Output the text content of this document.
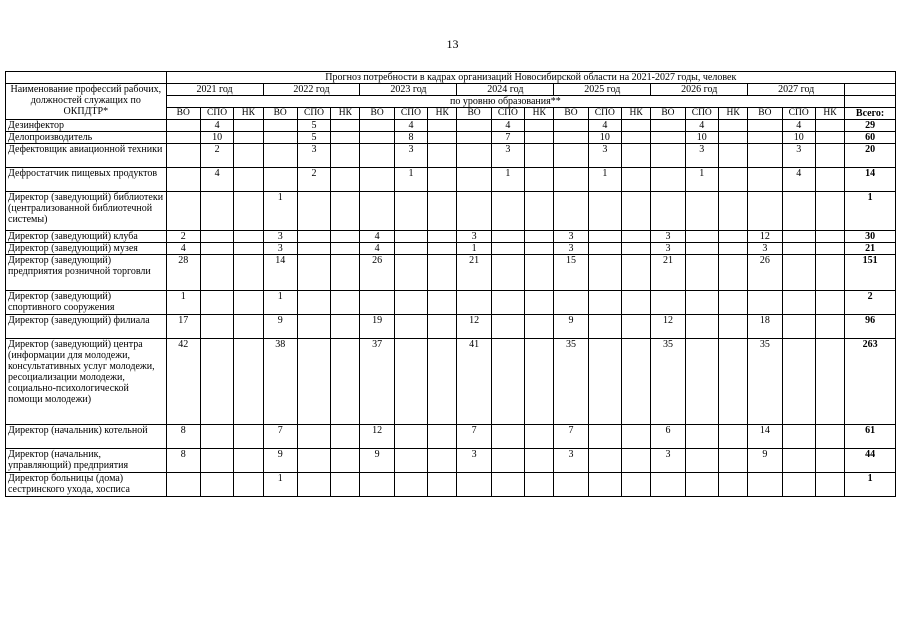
13
	Прогноз потребности в кадрах организаций Новосибирской области на 2021-2027 годы, человек																					
Наименование профессий рабочих, должностей служащих по ОКПДТР*	2021 год			2022 год			2023 год			2024 год			2025 год			2026 год			2027 год			
	по уровню образования**																					
	ВО	СПО	НК	ВО	СПО	НК	ВО	СПО	НК	ВО	СПО	НК	ВО	СПО	НК	ВО	СПО	НК	ВО	СПО	НК	Всего:
Дезинфектор		4			5			4			4			4			4			4		29
Делопроизводитель		10			5			8			7			10			10			10		60
Дефектовщик авиационной техники		2			3			3			3			3			3			3		20
Дефростатчик пищевых продуктов		4			2			1			1			1			1			4		14
Директор (заведующий) библиотеки (централизованной библиотечной системы)				1																		1
Директор (заведующий) клуба	2			3			4			3			3			3			12			30
Директор (заведующий) музея	4			3			4			1			3			3			3			21
Директор (заведующий) предприятия розничной торговли	28			14			26			21			15			21			26			151
Директор (заведующий) спортивного сооружения	1			1																		2
Директор (заведующий) филиала	17			9			19			12			9			12			18			96
Директор (заведующий) центра (информации для молодежи, консультативных услуг молодежи, ресоциализации молодежи, социально-психологической помощи молодежи)	42			38			37			41			35			35			35			263
Директор (начальник) котельной	8			7			12			7			7			6			14			61
Директор (начальник, управляющий) предприятия	8			9			9			3			3			3			9			44
Директор больницы (дома) сестринского ухода, хосписа				1																		1
